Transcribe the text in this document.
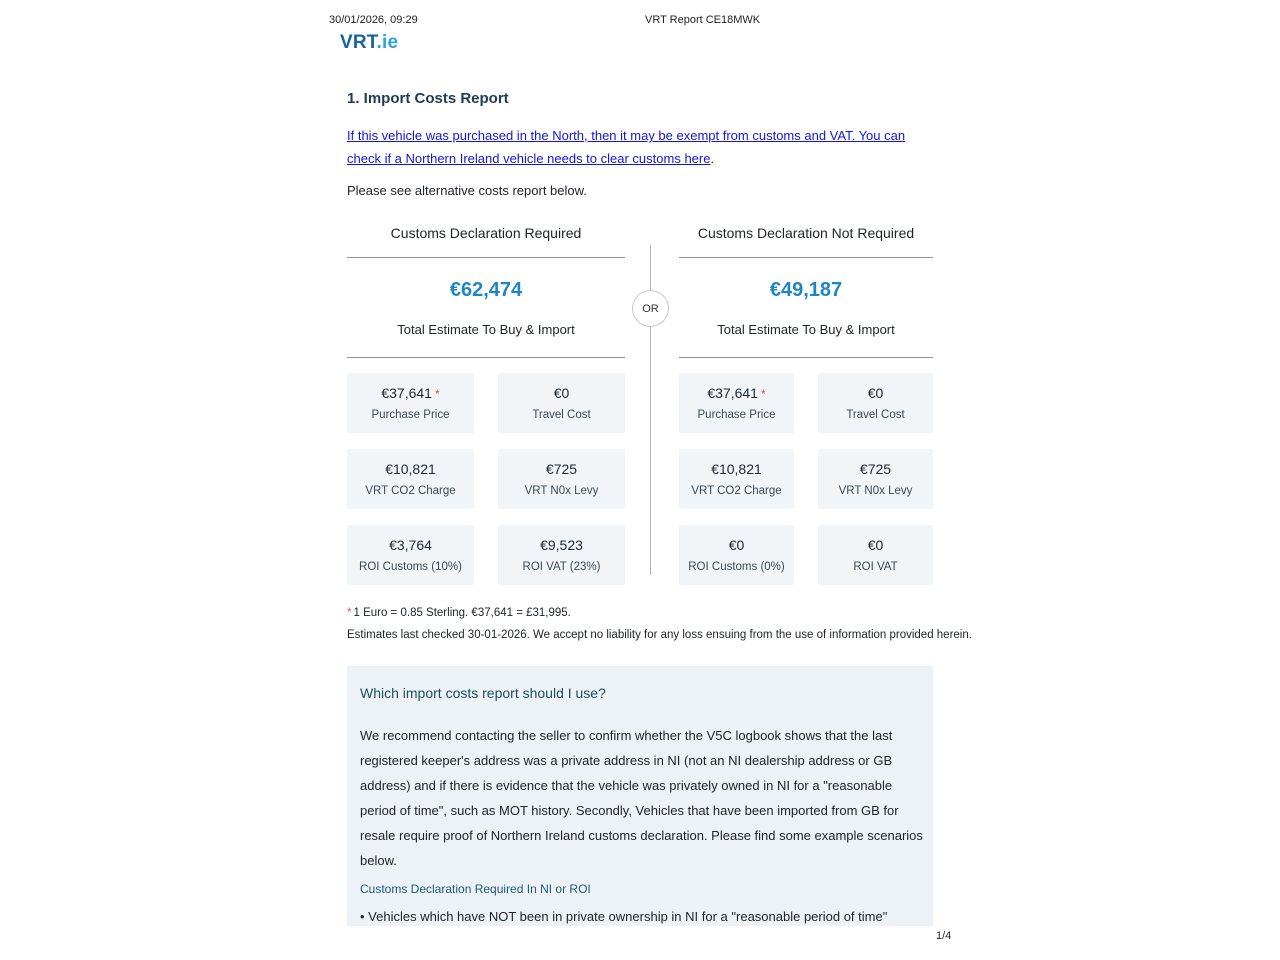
30/01/2026, 09:29	VRT Report CE18MWK
VRT.ie
1. Import Costs Report

If this vehicle was purchased in the North, then it may be exempt from customs and VAT. You can check if a Northern Ireland vehicle needs to clear customs here.

Please see alternative costs report below.

Customs Declaration Required
€62,474
Total Estimate To Buy & Import
€37,641 *
Purchase Price
€0
Travel Cost
€10,821
VRT CO2 Charge
€725
VRT N0x Levy
€3,764
ROI Customs (10%)
€9,523
ROI VAT (23%)
OR
Customs Declaration Not Required
€49,187
Total Estimate To Buy & Import
€37,641 *
Purchase Price
€0
Travel Cost
€10,821
VRT CO2 Charge
€725
VRT N0x Levy
€0
ROI Customs (0%)
€0
ROI VAT
* 1 Euro = 0.85 Sterling. €37,641 = £31,995.
Estimates last checked 30-01-2026. We accept no liability for any loss ensuing from the use of information provided herein.
Which import costs report should I use?
We recommend contacting the seller to confirm whether the V5C logbook shows that the last registered keeper's address was a private address in NI (not an NI dealership address or GB address) and if there is evidence that the vehicle was privately owned in NI for a "reasonable period of time", such as MOT history. Secondly, Vehicles that have been imported from GB for resale require proof of Northern Ireland customs declaration. Please find some example scenarios below.
Customs Declaration Required In NI or ROI
• Vehicles which have NOT been in private ownership in NI for a "reasonable period of time"
1/4
